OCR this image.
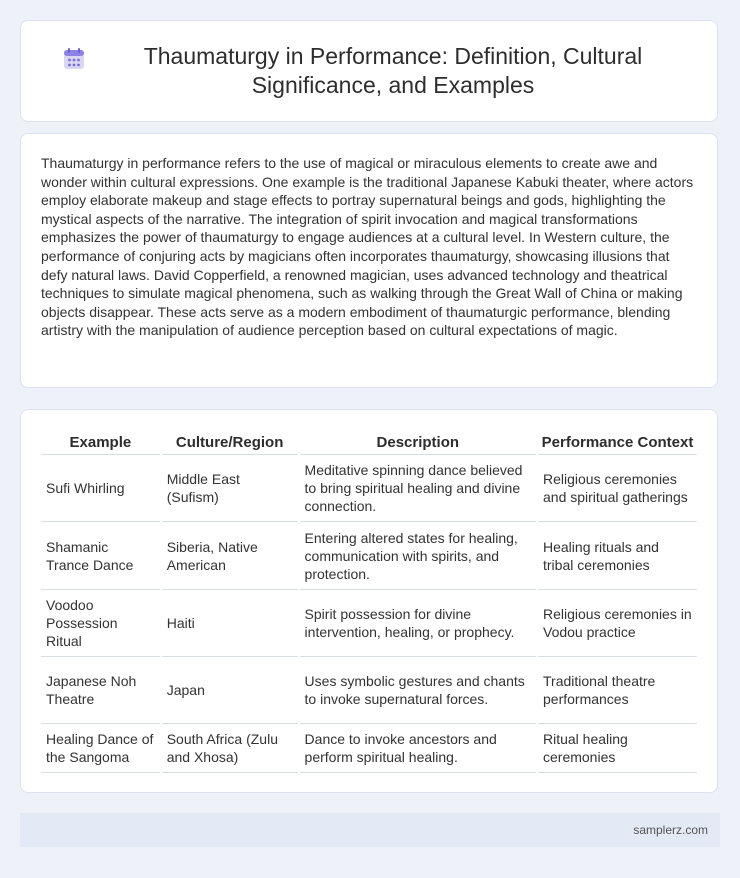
Thaumaturgy in Performance: Definition, Cultural Significance, and Examples

Thaumaturgy in performance refers to the use of magical or miraculous elements to create awe and wonder within cultural expressions. One example is the traditional Japanese Kabuki theater, where actors employ elaborate makeup and stage effects to portray supernatural beings and gods, highlighting the mystical aspects of the narrative. The integration of spirit invocation and magical transformations emphasizes the power of thaumaturgy to engage audiences at a cultural level. In Western culture, the performance of conjuring acts by magicians often incorporates thaumaturgy, showcasing illusions that defy natural laws. David Copperfield, a renowned magician, uses advanced technology and theatrical techniques to simulate magical phenomena, such as walking through the Great Wall of China or making objects disappear. These acts serve as a modern embodiment of thaumaturgic performance, blending artistry with the manipulation of audience perception based on cultural expectations of magic.

Example	Culture/Region	Description	Performance Context
Sufi Whirling	Middle East (Sufism)	Meditative spinning dance believed to bring spiritual healing and divine connection.	Religious ceremonies and spiritual gatherings
Shamanic Trance Dance	Siberia, Native American	Entering altered states for healing, communication with spirits, and protection.	Healing rituals and tribal ceremonies
Voodoo Possession Ritual	Haiti	Spirit possession for divine intervention, healing, or prophecy.	Religious ceremonies in Vodou practice
Japanese Noh Theatre	Japan	Uses symbolic gestures and chants to invoke supernatural forces.	Traditional theatre performances
Healing Dance of the Sangoma	South Africa (Zulu and Xhosa)	Dance to invoke ancestors and perform spiritual healing.	Ritual healing ceremonies
samplerz.com
